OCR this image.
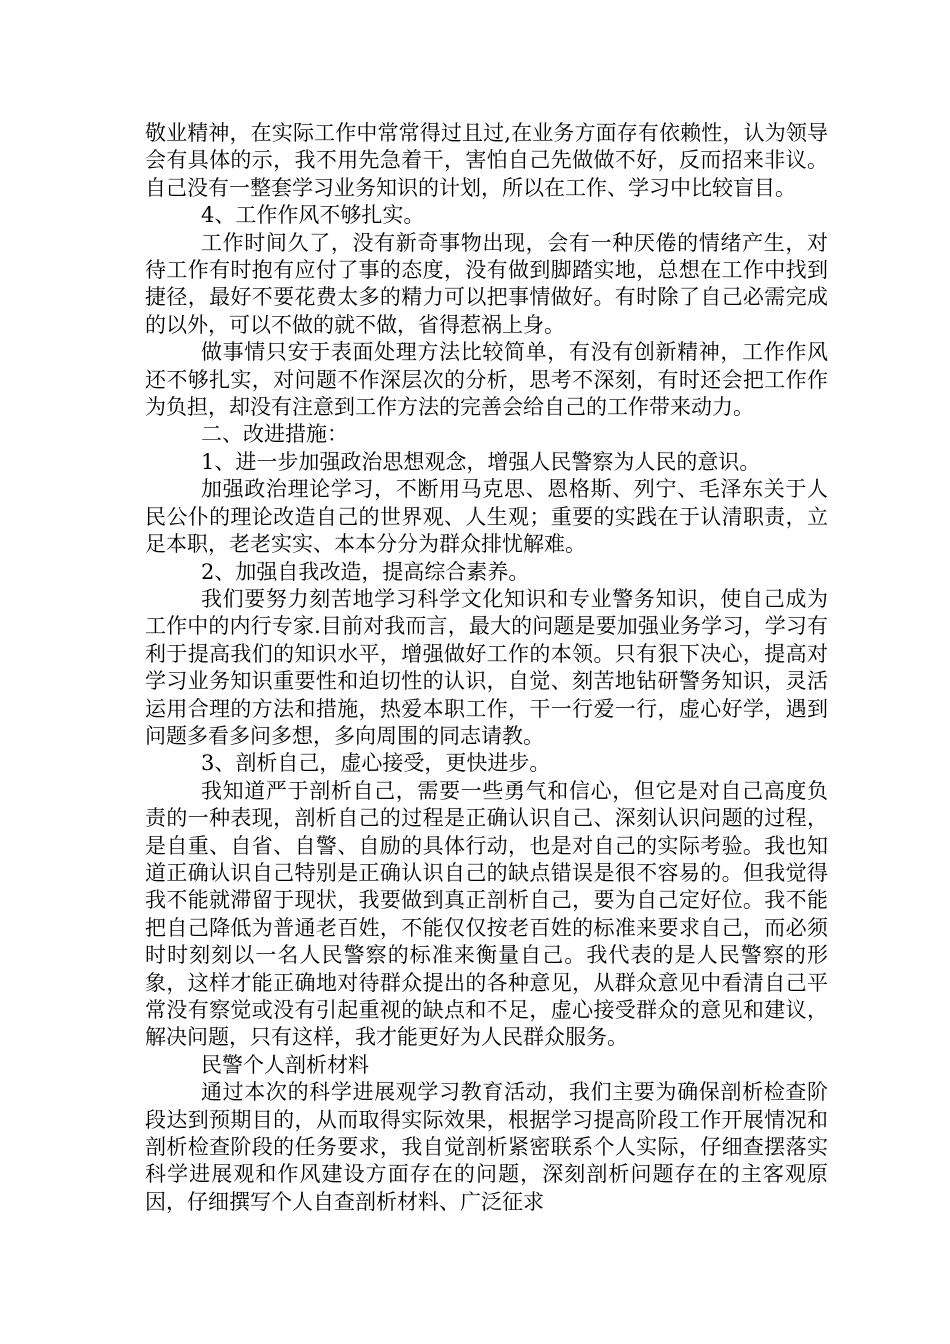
敬业精神，在实际工作中常常得过且过,在业务方面存有依赖性，认为领导会有具体的示，我不用先急着干，害怕自己先做做不好，反而招来非议。自己没有一整套学习业务知识的计划，所以在工作、学习中比较盲目。

4、工作作风不够扎实。

工作时间久了，没有新奇事物出现，会有一种厌倦的情绪产生，对待工作有时抱有应付了事的态度，没有做到脚踏实地，总想在工作中找到捷径，最好不要花费太多的精力可以把事情做好。有时除了自己必需完成的以外，可以不做的就不做，省得惹祸上身。

做事情只安于表面处理方法比较简单，有没有创新精神，工作作风还不够扎实，对问题不作深层次的分析，思考不深刻，有时还会把工作作为负担，却没有注意到工作方法的完善会给自己的工作带来动力。

二、改进措施：

1、进一步加强政治思想观念，增强人民警察为人民的意识。

加强政治理论学习，不断用马克思、恩格斯、列宁、毛泽东关于人民公仆的理论改造自己的世界观、人生观；重要的实践在于认清职责，立足本职，老老实实、本本分分为群众排忧解难。

2、加强自我改造，提高综合素养。

我们要努力刻苦地学习科学文化知识和专业警务知识，使自己成为工作中的内行专家.目前对我而言，最大的问题是要加强业务学习，学习有利于提高我们的知识水平，增强做好工作的本领。只有狠下决心，提高对学习业务知识重要性和迫切性的认识，自觉、刻苦地钻研警务知识，灵活运用合理的方法和措施，热爱本职工作，干一行爱一行，虚心好学，遇到问题多看多问多想，多向周围的同志请教。

3、剖析自己，虚心接受，更快进步。

我知道严于剖析自己，需要一些勇气和信心，但它是对自己高度负责的一种表现，剖析自己的过程是正确认识自己、深刻认识问题的过程，是自重、自省、自警、自励的具体行动，也是对自己的实际考验。我也知道正确认识自己特别是正确认识自己的缺点错误是很不容易的。但我觉得我不能就滞留于现状，我要做到真正剖析自己，要为自己定好位。我不能把自己降低为普通老百姓，不能仅仅按老百姓的标准来要求自己，而必须时时刻刻以一名人民警察的标准来衡量自己。我代表的是人民警察的形象，这样才能正确地对待群众提出的各种意见，从群众意见中看清自己平常没有察觉或没有引起重视的缺点和不足，虚心接受群众的意见和建议，解决问题，只有这样，我才能更好为人民群众服务。

民警个人剖析材料

通过本次的科学进展观学习教育活动，我们主要为确保剖析检查阶段达到预期目的，从而取得实际效果，根据学习提高阶段工作开展情况和剖析检查阶段的任务要求，我自觉剖析紧密联系个人实际，仔细查摆落实科学进展观和作风建设方面存在的问题，深刻剖析问题存在的主客观原因，仔细撰写个人自查剖析材料、广泛征求
